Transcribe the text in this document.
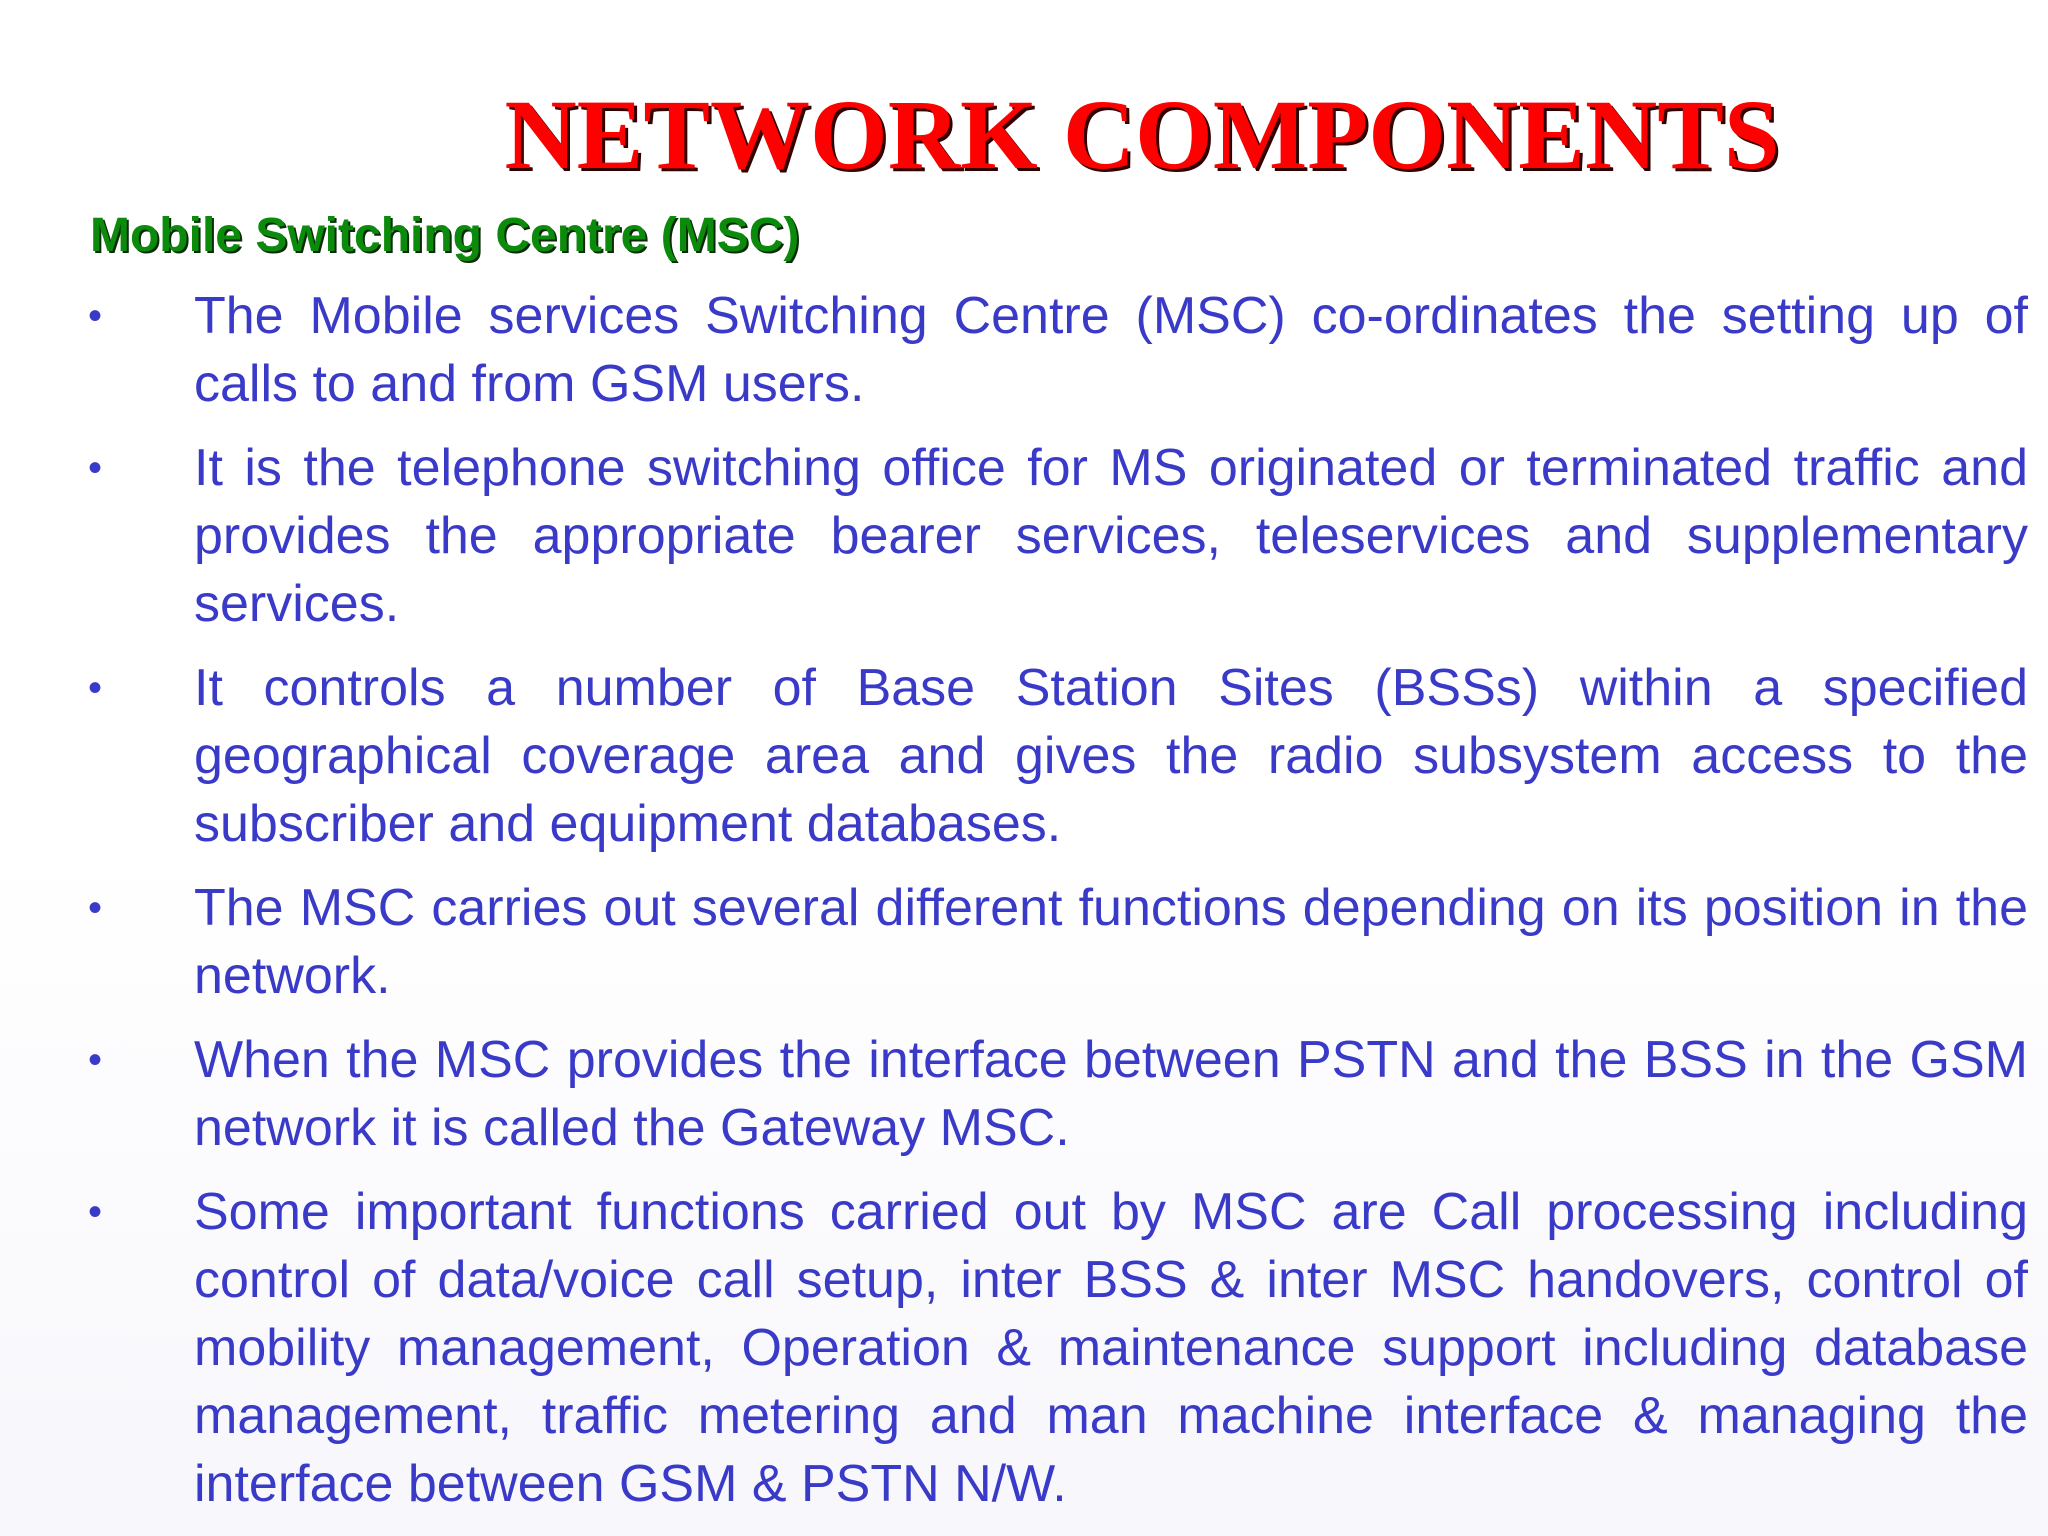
NETWORK COMPONENTS
Mobile Switching Centre (MSC)
• The Mobile services Switching Centre (MSC) co-ordinates the setting up of calls to and from GSM users.
• It is the telephone switching office for MS originated or terminated traffic and provides the appropriate bearer services, teleservices and supplementary services.
• It controls a number of Base Station Sites (BSSs) within a specified geographical coverage area and gives the radio subsystem access to the subscriber and equipment databases.
• The MSC carries out several different functions depending on its position in the network.
• When the MSC provides the interface between PSTN and the BSS in the GSM network it is called the Gateway MSC.
• Some important functions carried out by MSC are Call processing including control of data/voice call setup, inter BSS & inter MSC handovers, control of mobility management, Operation & maintenance support including database management, traffic metering and man machine interface & managing the interface between GSM & PSTN N/W.
